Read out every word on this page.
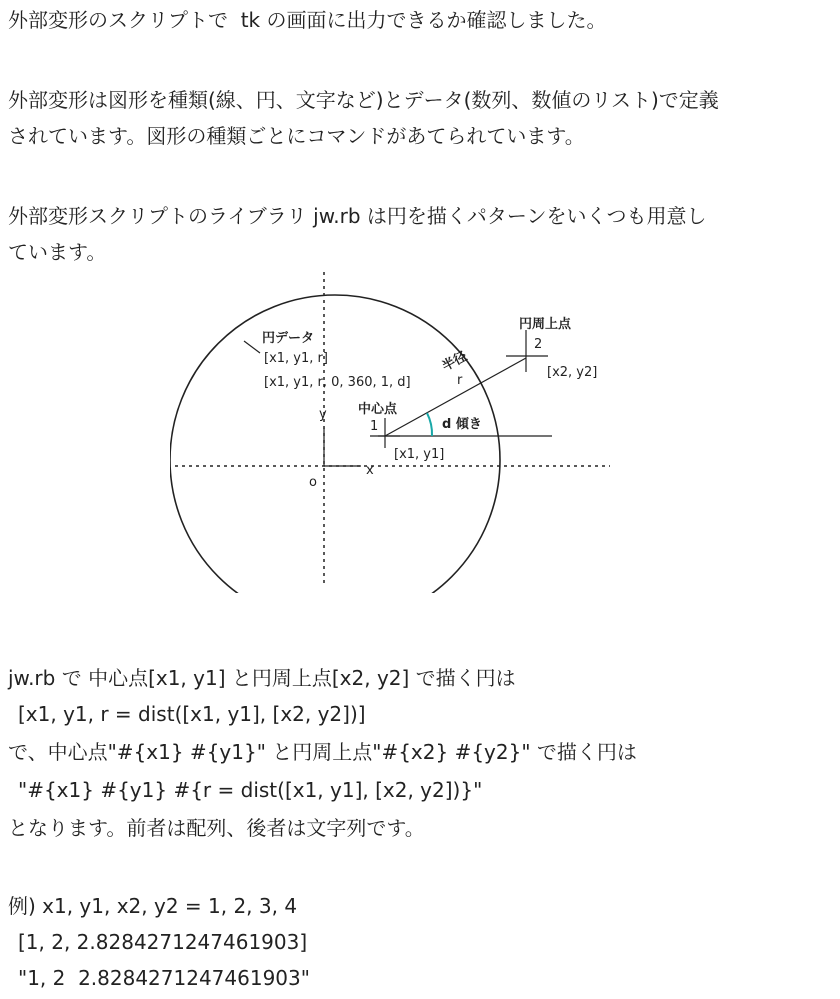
外部変形のスクリプトで  tk の画面に出力できるか確認しました。
外部変形は図形を種類(線、円、文字など)とデータ(数列、数値のリスト)で定義
されています。図形の種類ごとにコマンドがあてられています。
外部変形スクリプトのライブラリ jw.rb は円を描くパターンをいくつも用意し
ています。
円データ
[x1, y1, r]
[x1, y1, r, 0, 360, 1, d]
y
x
o
中心点
1
[x1, y1]
d 傾き
半径
r
円周上点
2
[x2, y2]
jw.rb で 中心点[x1, y1] と円周上点[x2, y2] で描く円は
[x1, y1, r = dist([x1, y1], [x2, y2])]
で、中心点"#{x1} #{y1}" と円周上点"#{x2} #{y2}" で描く円は
"#{x1} #{y1} #{r = dist([x1, y1], [x2, y2])}"
となります。前者は配列、後者は文字列です。
例) x1, y1, x2, y2 = 1, 2, 3, 4
[1, 2, 2.8284271247461903]
"1, 2  2.8284271247461903"
